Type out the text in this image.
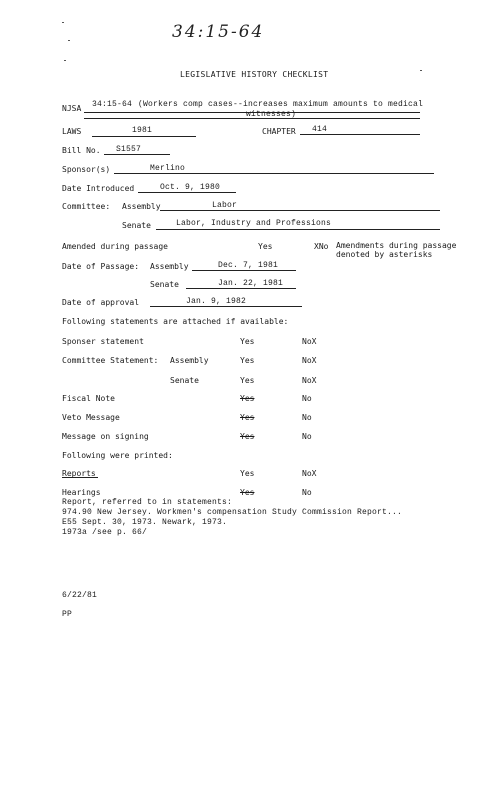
34:15-64
LEGISLATIVE HISTORY CHECKLIST
NJSA 34:15-64 (Workers comp cases--increases maximum amounts to medical
witnesses)
LAWS	1981	CHAPTER 414
Bill No. S1557
Sponsor(s)	Merlino
Date Introduced	Oct. 9, 1980
Committee: Assembly	Labor
Senate	Labor, Industry and Professions
Amended during passage	Yes	XNo Amendments during passage
denoted by asterisks
Date of Passage: Assembly	Dec. 7, 1981
Senate	Jan. 22, 1981
Date of approval	Jan. 9, 1982
Following statements are attached if available:
Sponser statement	Yes	NoX
Committee Statement: Assembly	Yes	NoX
Senate	Yes	NoX
Fiscal Note	Yes	No
Veto Message	Yes	No
Message on signing	Yes	No
Following were printed:
Reports	Yes	NoX
Hearings	Yes	No
Report, referred to in statements:
974.90 New Jersey. Workmen's compensation Study Commission Report...
E55 Sept. 30, 1973. Newark, 1973.
1973a /see p. 66/
6/22/81
PP
